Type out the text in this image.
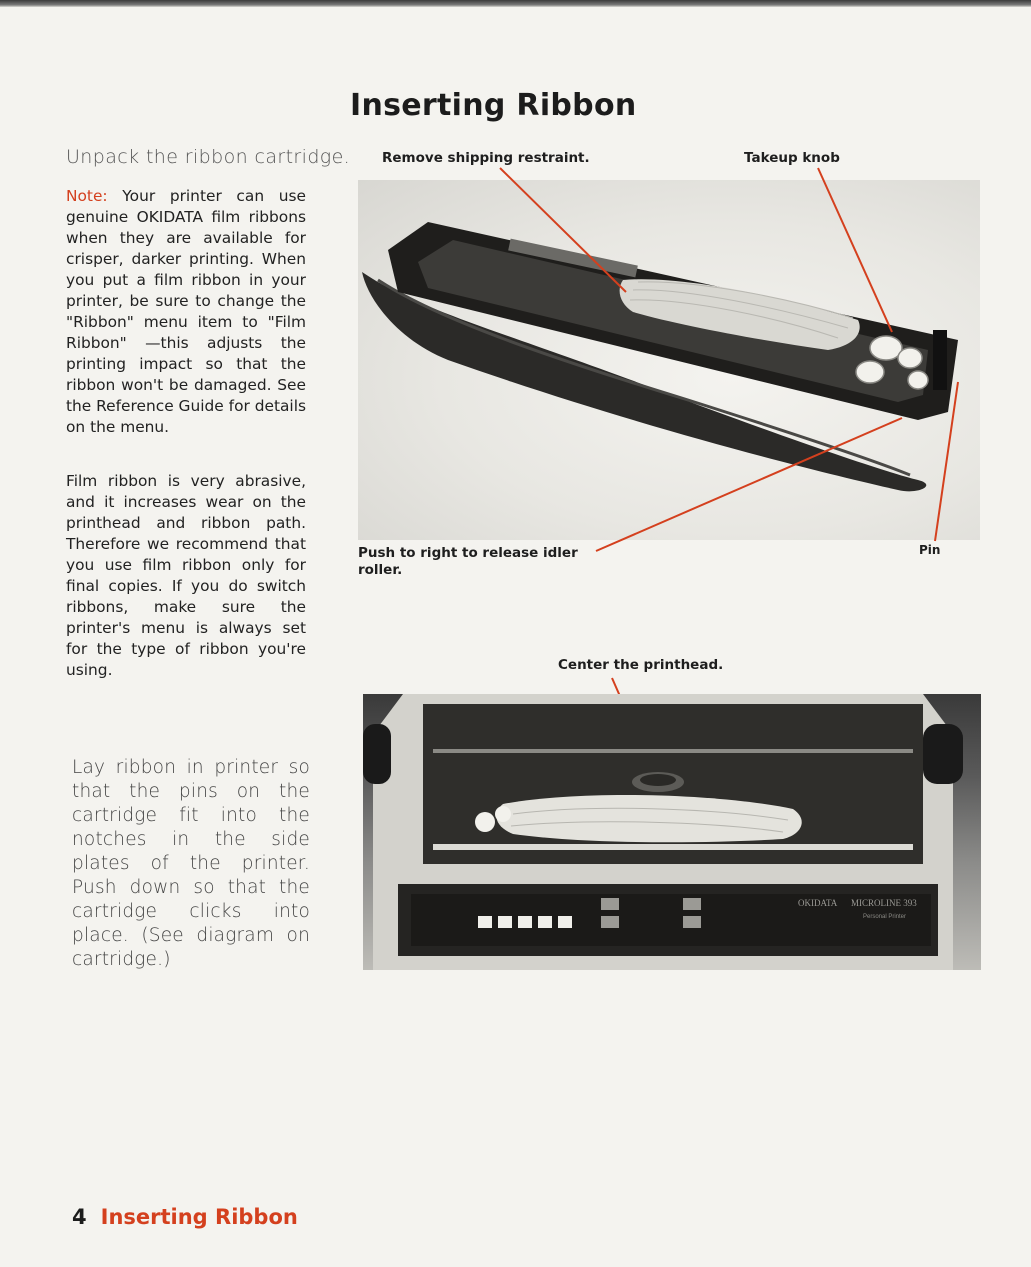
Inserting Ribbon
Unpack the ribbon cartridge.

Note: Your printer can use genuine OKIDATA film ribbons when they are available for crisper, darker printing. When you put a film ribbon in your printer, be sure to change the "Ribbon" menu item to "Film Ribbon" —this adjusts the printing impact so that the ribbon won't be damaged. See the Reference Guide for details on the menu.

Film ribbon is very abrasive, and it increases wear on the printhead and ribbon path. Therefore we recommend that you use film ribbon only for final copies. If you do switch ribbons, make sure the printer's menu is always set for the type of ribbon you're using.

Lay ribbon in printer so that the pins on the cartridge fit into the notches in the side plates of the printer. Push down so that the cartridge clicks into place. (See diagram on cartridge.)

Remove shipping restraint.	Takeup knob
Push to right to release idler
roller.
Pin
Center the printhead.
OKIDATA MICROLINE 393
Personal Printer
4 Inserting Ribbon
